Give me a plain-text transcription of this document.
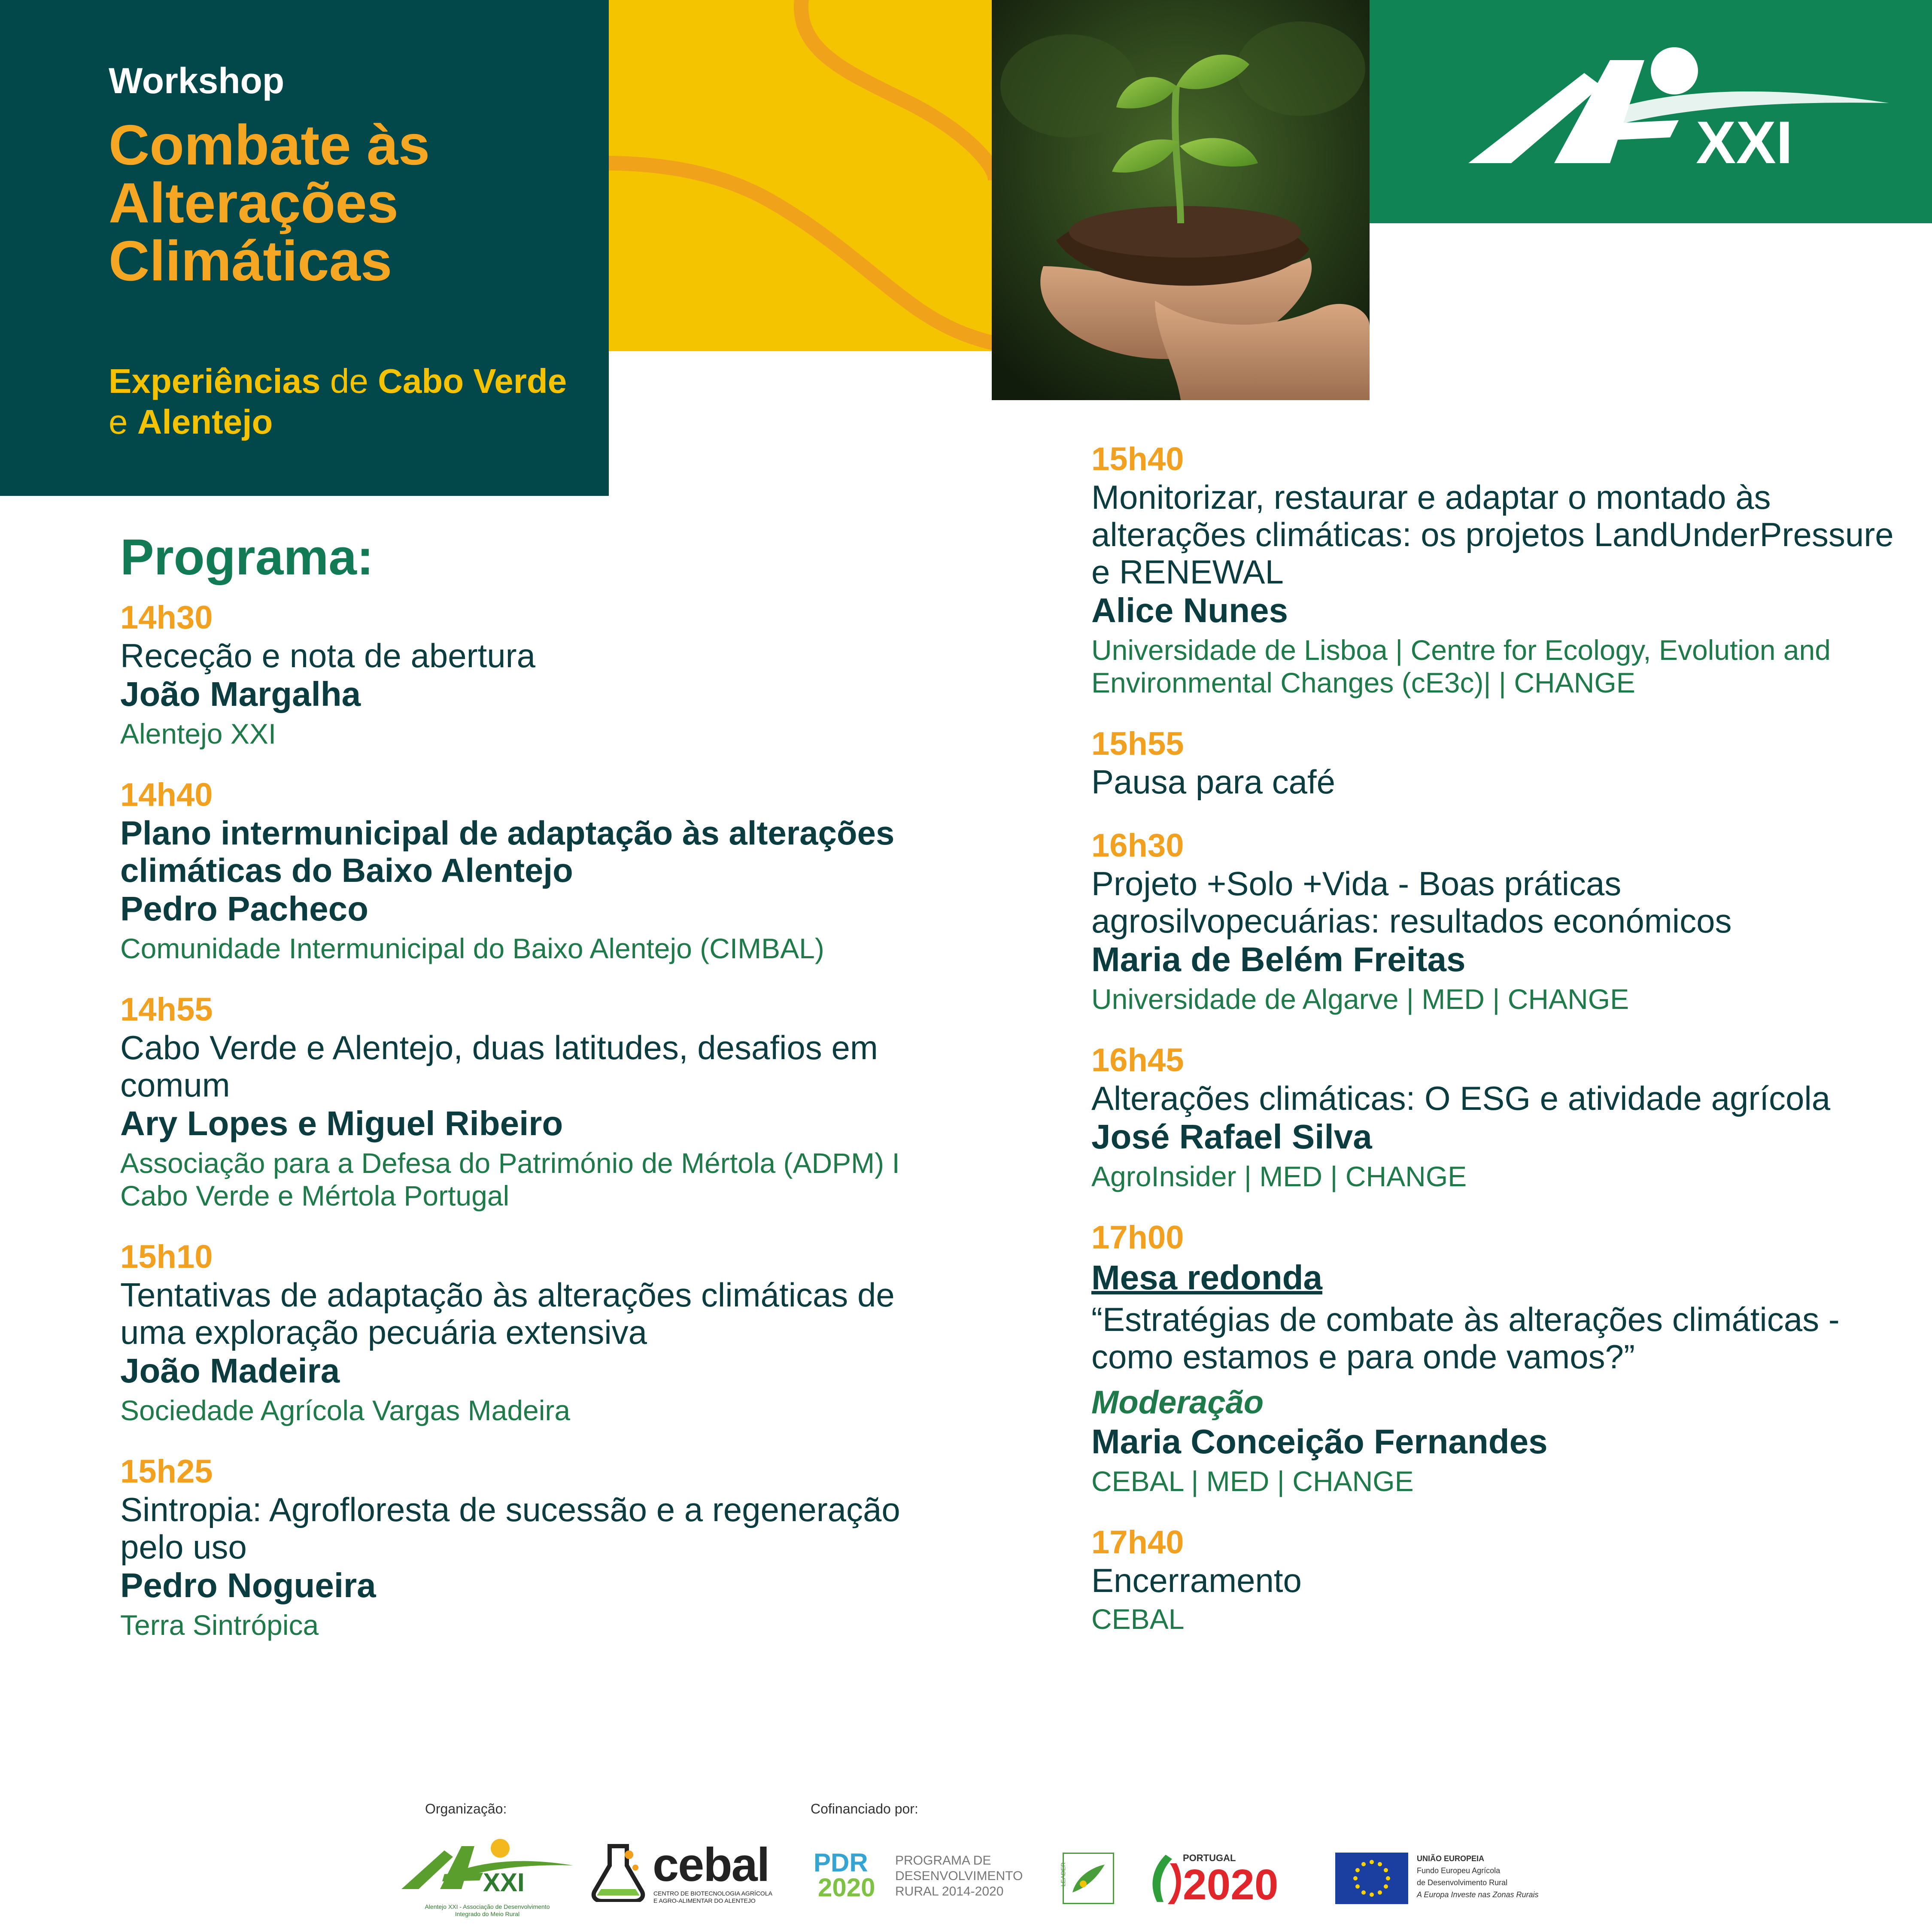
Workshop
Combate às Alterações Climáticas
Experiências de Cabo Verde e Alentejo
XXI
Programa:
14h30
Receção e nota de abertura
João Margalha
Alentejo XXI
14h40
Plano intermunicipal de adaptação às alterações climáticas do Baixo Alentejo
Pedro Pacheco
Comunidade Intermunicipal do Baixo Alentejo (CIMBAL)
14h55
Cabo Verde e Alentejo, duas latitudes, desafios em comum
Ary Lopes e Miguel Ribeiro
Associação para a Defesa do Património de Mértola (ADPM) I Cabo Verde e Mértola Portugal
15h10
Tentativas de adaptação às alterações climáticas de uma exploração pecuária extensiva
João Madeira
Sociedade Agrícola Vargas Madeira
15h25
Sintropia: Agrofloresta de sucessão e a regeneração pelo uso
Pedro Nogueira
Terra Sintrópica
15h40
Monitorizar, restaurar e adaptar o montado às alterações climáticas: os projetos LandUnderPressure e RENEWAL
Alice Nunes
Universidade de Lisboa | Centre for Ecology, Evolution and Environmental Changes (cE3c)| | CHANGE
15h55
Pausa para café
16h30
Projeto +Solo +Vida - Boas práticas agrosilvopecuárias: resultados económicos
Maria de Belém Freitas
Universidade de Algarve | MED | CHANGE
16h45
Alterações climáticas: O ESG e atividade agrícola
José Rafael Silva
AgroInsider | MED | CHANGE
17h00
Mesa redonda
“Estratégias de combate às alterações climáticas - como estamos e para onde vamos?”
Moderação
Maria Conceição Fernandes
CEBAL | MED | CHANGE
17h40
Encerramento
CEBAL
Organização:	Cofinanciado por:
XXI
Alentejo XXI - Associação de Desenvolvimento
Integrado do Meio Rural
cebal
CENTRO DE BIOTECNOLOGIA AGRÍCOLA
E AGRO-ALIMENTAR DO ALENTEJO
PDR
2020
PROGRAMA DE
DESENVOLVIMENTO
RURAL 2014-2020
LEADER
PORTUGAL
2020
UNIÃO EUROPEIA
Fundo Europeu Agrícola
de Desenvolvimento Rural
A Europa Investe nas Zonas Rurais
